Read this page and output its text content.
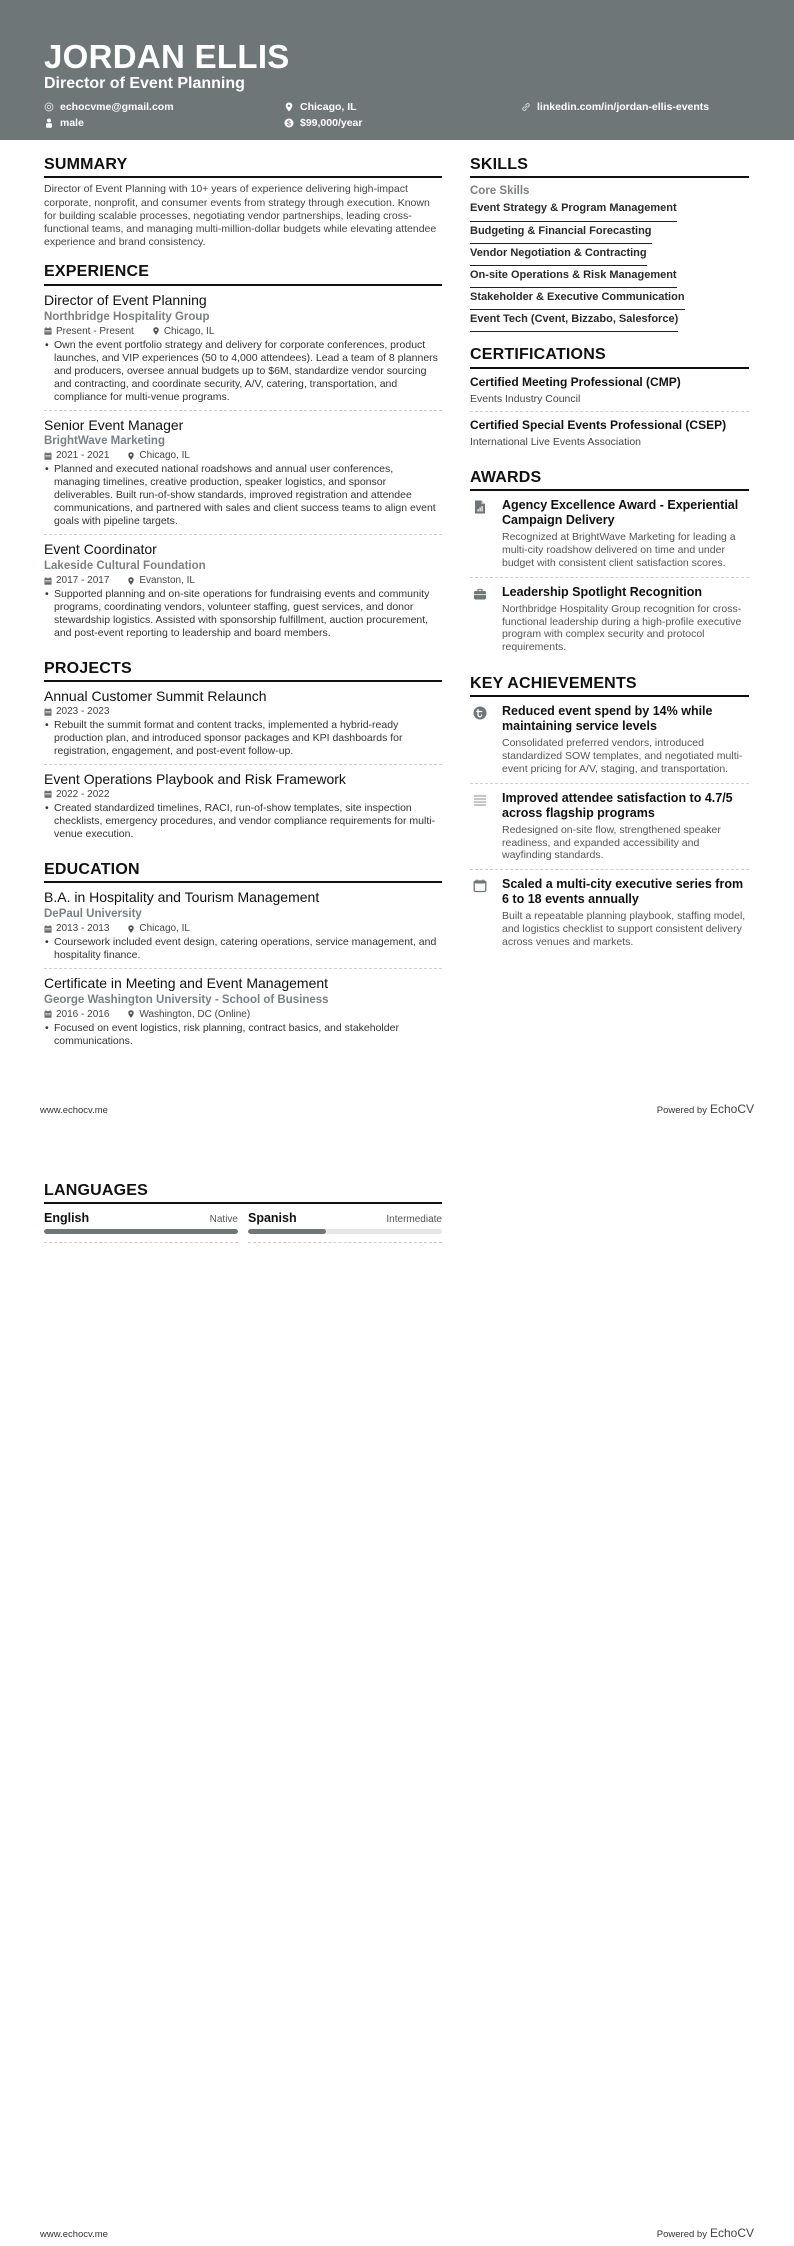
JORDAN ELLIS
Director of Event Planning
echocvme@gmail.com
male
Chicago, IL
$ $99,000/year
linkedin.com/in/jordan-ellis-events
SUMMARY

Director of Event Planning with 10+ years of experience delivering high-impact corporate, nonprofit, and consumer events from strategy through execution. Known for building scalable processes, negotiating vendor partnerships, leading cross-functional teams, and managing multi-million-dollar budgets while elevating attendee experience and brand consistency.

EXPERIENCE
Director of Event Planning
Northbridge Hospitality Group
Present - Present	Chicago, IL
• Own the event portfolio strategy and delivery for corporate conferences, product launches, and VIP experiences (50 to 4,000 attendees). Lead a team of 8 planners and producers, oversee annual budgets up to $6M, standardize vendor sourcing and contracting, and coordinate security, A/V, catering, transportation, and compliance for multi-venue programs.
Senior Event Manager
BrightWave Marketing
2021 - 2021	Chicago, IL
• Planned and executed national roadshows and annual user conferences, managing timelines, creative production, speaker logistics, and sponsor deliverables. Built run-of-show standards, improved registration and attendee communications, and partnered with sales and client success teams to align event goals with pipeline targets.
Event Coordinator
Lakeside Cultural Foundation
2017 - 2017	Evanston, IL
• Supported planning and on-site operations for fundraising events and community programs, coordinating vendors, volunteer staffing, guest services, and donor stewardship logistics. Assisted with sponsorship fulfillment, auction procurement, and post-event reporting to leadership and board members.
PROJECTS
Annual Customer Summit Relaunch
2023 - 2023
• Rebuilt the summit format and content tracks, implemented a hybrid-ready production plan, and introduced sponsor packages and KPI dashboards for registration, engagement, and post-event follow-up.
Event Operations Playbook and Risk Framework
2022 - 2022
• Created standardized timelines, RACI, run-of-show templates, site inspection checklists, emergency procedures, and vendor compliance requirements for multi-venue execution.
EDUCATION
B.A. in Hospitality and Tourism Management
DePaul University
2013 - 2013	Chicago, IL
• Coursework included event design, catering operations, service management, and hospitality finance.
Certificate in Meeting and Event Management
George Washington University - School of Business
2016 - 2016	Washington, DC (Online)
• Focused on event logistics, risk planning, contract basics, and stakeholder communications.
SKILLS
Core Skills
Event Strategy & Program Management
Budgeting & Financial Forecasting
Vendor Negotiation & Contracting
On-site Operations & Risk Management
Stakeholder & Executive Communication
Event Tech (Cvent, Bizzabo, Salesforce)
CERTIFICATIONS
Certified Meeting Professional (CMP)
Events Industry Council
Certified Special Events Professional (CSEP)
International Live Events Association
AWARDS
Agency Excellence Award - Experiential Campaign Delivery
Recognized at BrightWave Marketing for leading a multi-city roadshow delivered on time and under budget with consistent client satisfaction scores.
Leadership Spotlight Recognition
Northbridge Hospitality Group recognition for cross-functional leadership during a high-profile executive program with complex security and protocol requirements.
KEY ACHIEVEMENTS
Reduced event spend by 14% while maintaining service levels
Consolidated preferred vendors, introduced standardized SOW templates, and negotiated multi-event pricing for A/V, staging, and transportation.
Improved attendee satisfaction to 4.7/5 across flagship programs
Redesigned on-site flow, strengthened speaker readiness, and expanded accessibility and wayfinding standards.
Scaled a multi-city executive series from 6 to 18 events annually
Built a repeatable planning playbook, staffing model, and logistics checklist to support consistent delivery across venues and markets.
www.echocv.me	Powered by EchoCV
LANGUAGES
English	Native Spanish	Intermediate
www.echocv.me	Powered by EchoCV
